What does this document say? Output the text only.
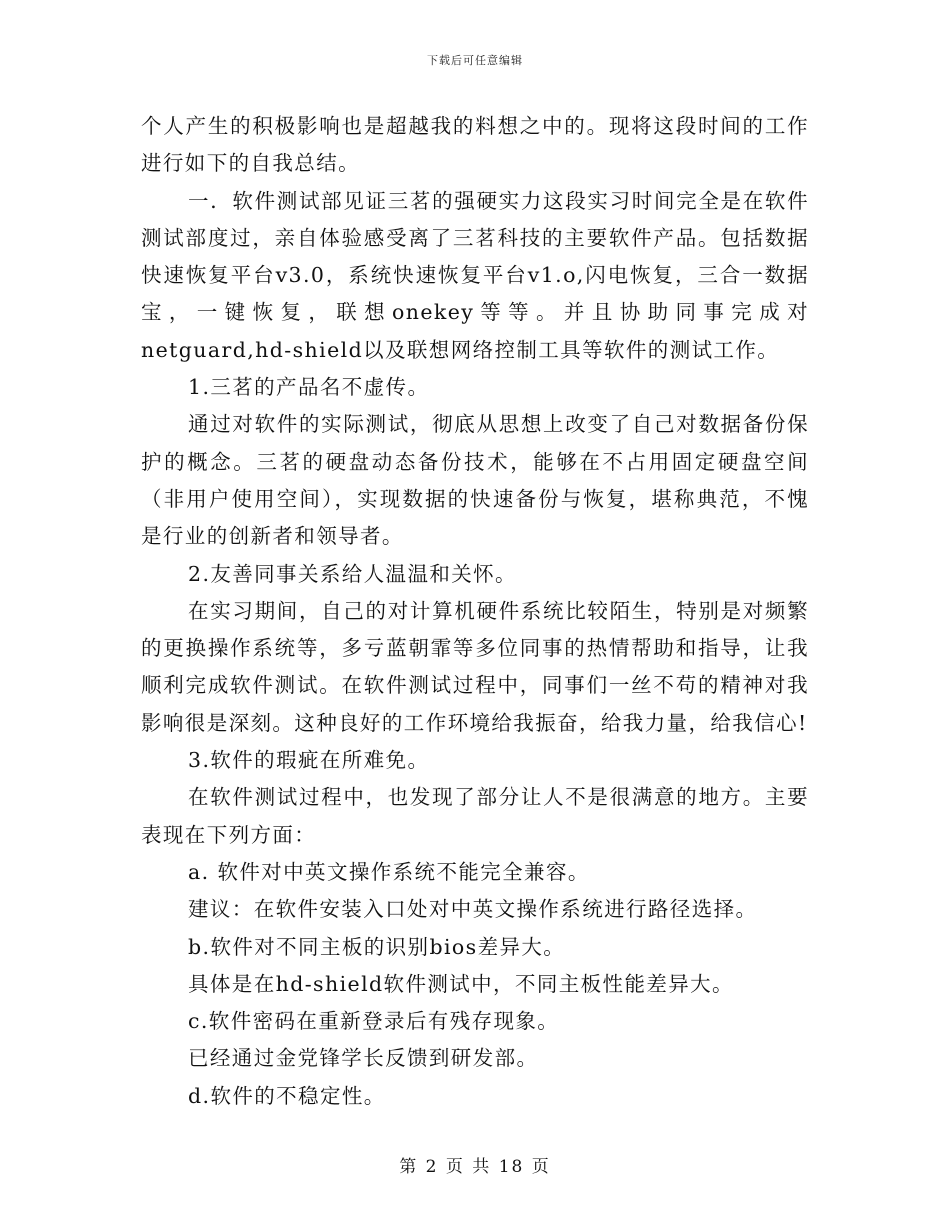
下载后可任意编辑

个人产生的积极影响也是超越我的料想之中的。现将这段时间的工作进行如下的自我总结。

一．软件测试部见证三茗的强硬实力这段实习时间完全是在软件测试部度过，亲自体验感受离了三茗科技的主要软件产品。包括数据快速恢复平台v3.0，系统快速恢复平台v1.o,闪电恢复，三合一数据宝，一键恢复，联想onekey等等。并且协助同事完成对netguard,hd-shield以及联想网络控制工具等软件的测试工作。

1.三茗的产品名不虚传。

通过对软件的实际测试，彻底从思想上改变了自己对数据备份保护的概念。三茗的硬盘动态备份技术，能够在不占用固定硬盘空间（非用户使用空间），实现数据的快速备份与恢复，堪称典范，不愧是行业的创新者和领导者。

2.友善同事关系给人温温和关怀。

在实习期间，自己的对计算机硬件系统比较陌生，特别是对频繁的更换操作系统等，多亏蓝朝霏等多位同事的热情帮助和指导，让我顺利完成软件测试。在软件测试过程中，同事们一丝不苟的精神对我影响很是深刻。这种良好的工作环境给我振奋，给我力量，给我信心!

3.软件的瑕疵在所难免。

在软件测试过程中，也发现了部分让人不是很满意的地方。主要表现在下列方面：

a. 软件对中英文操作系统不能完全兼容。

建议：在软件安装入口处对中英文操作系统进行路径选择。

b.软件对不同主板的识别bios差异大。

具体是在hd-shield软件测试中，不同主板性能差异大。

c.软件密码在重新登录后有残存现象。

已经通过金党锋学长反馈到研发部。

d.软件的不稳定性。

第 2 页 共 18 页
